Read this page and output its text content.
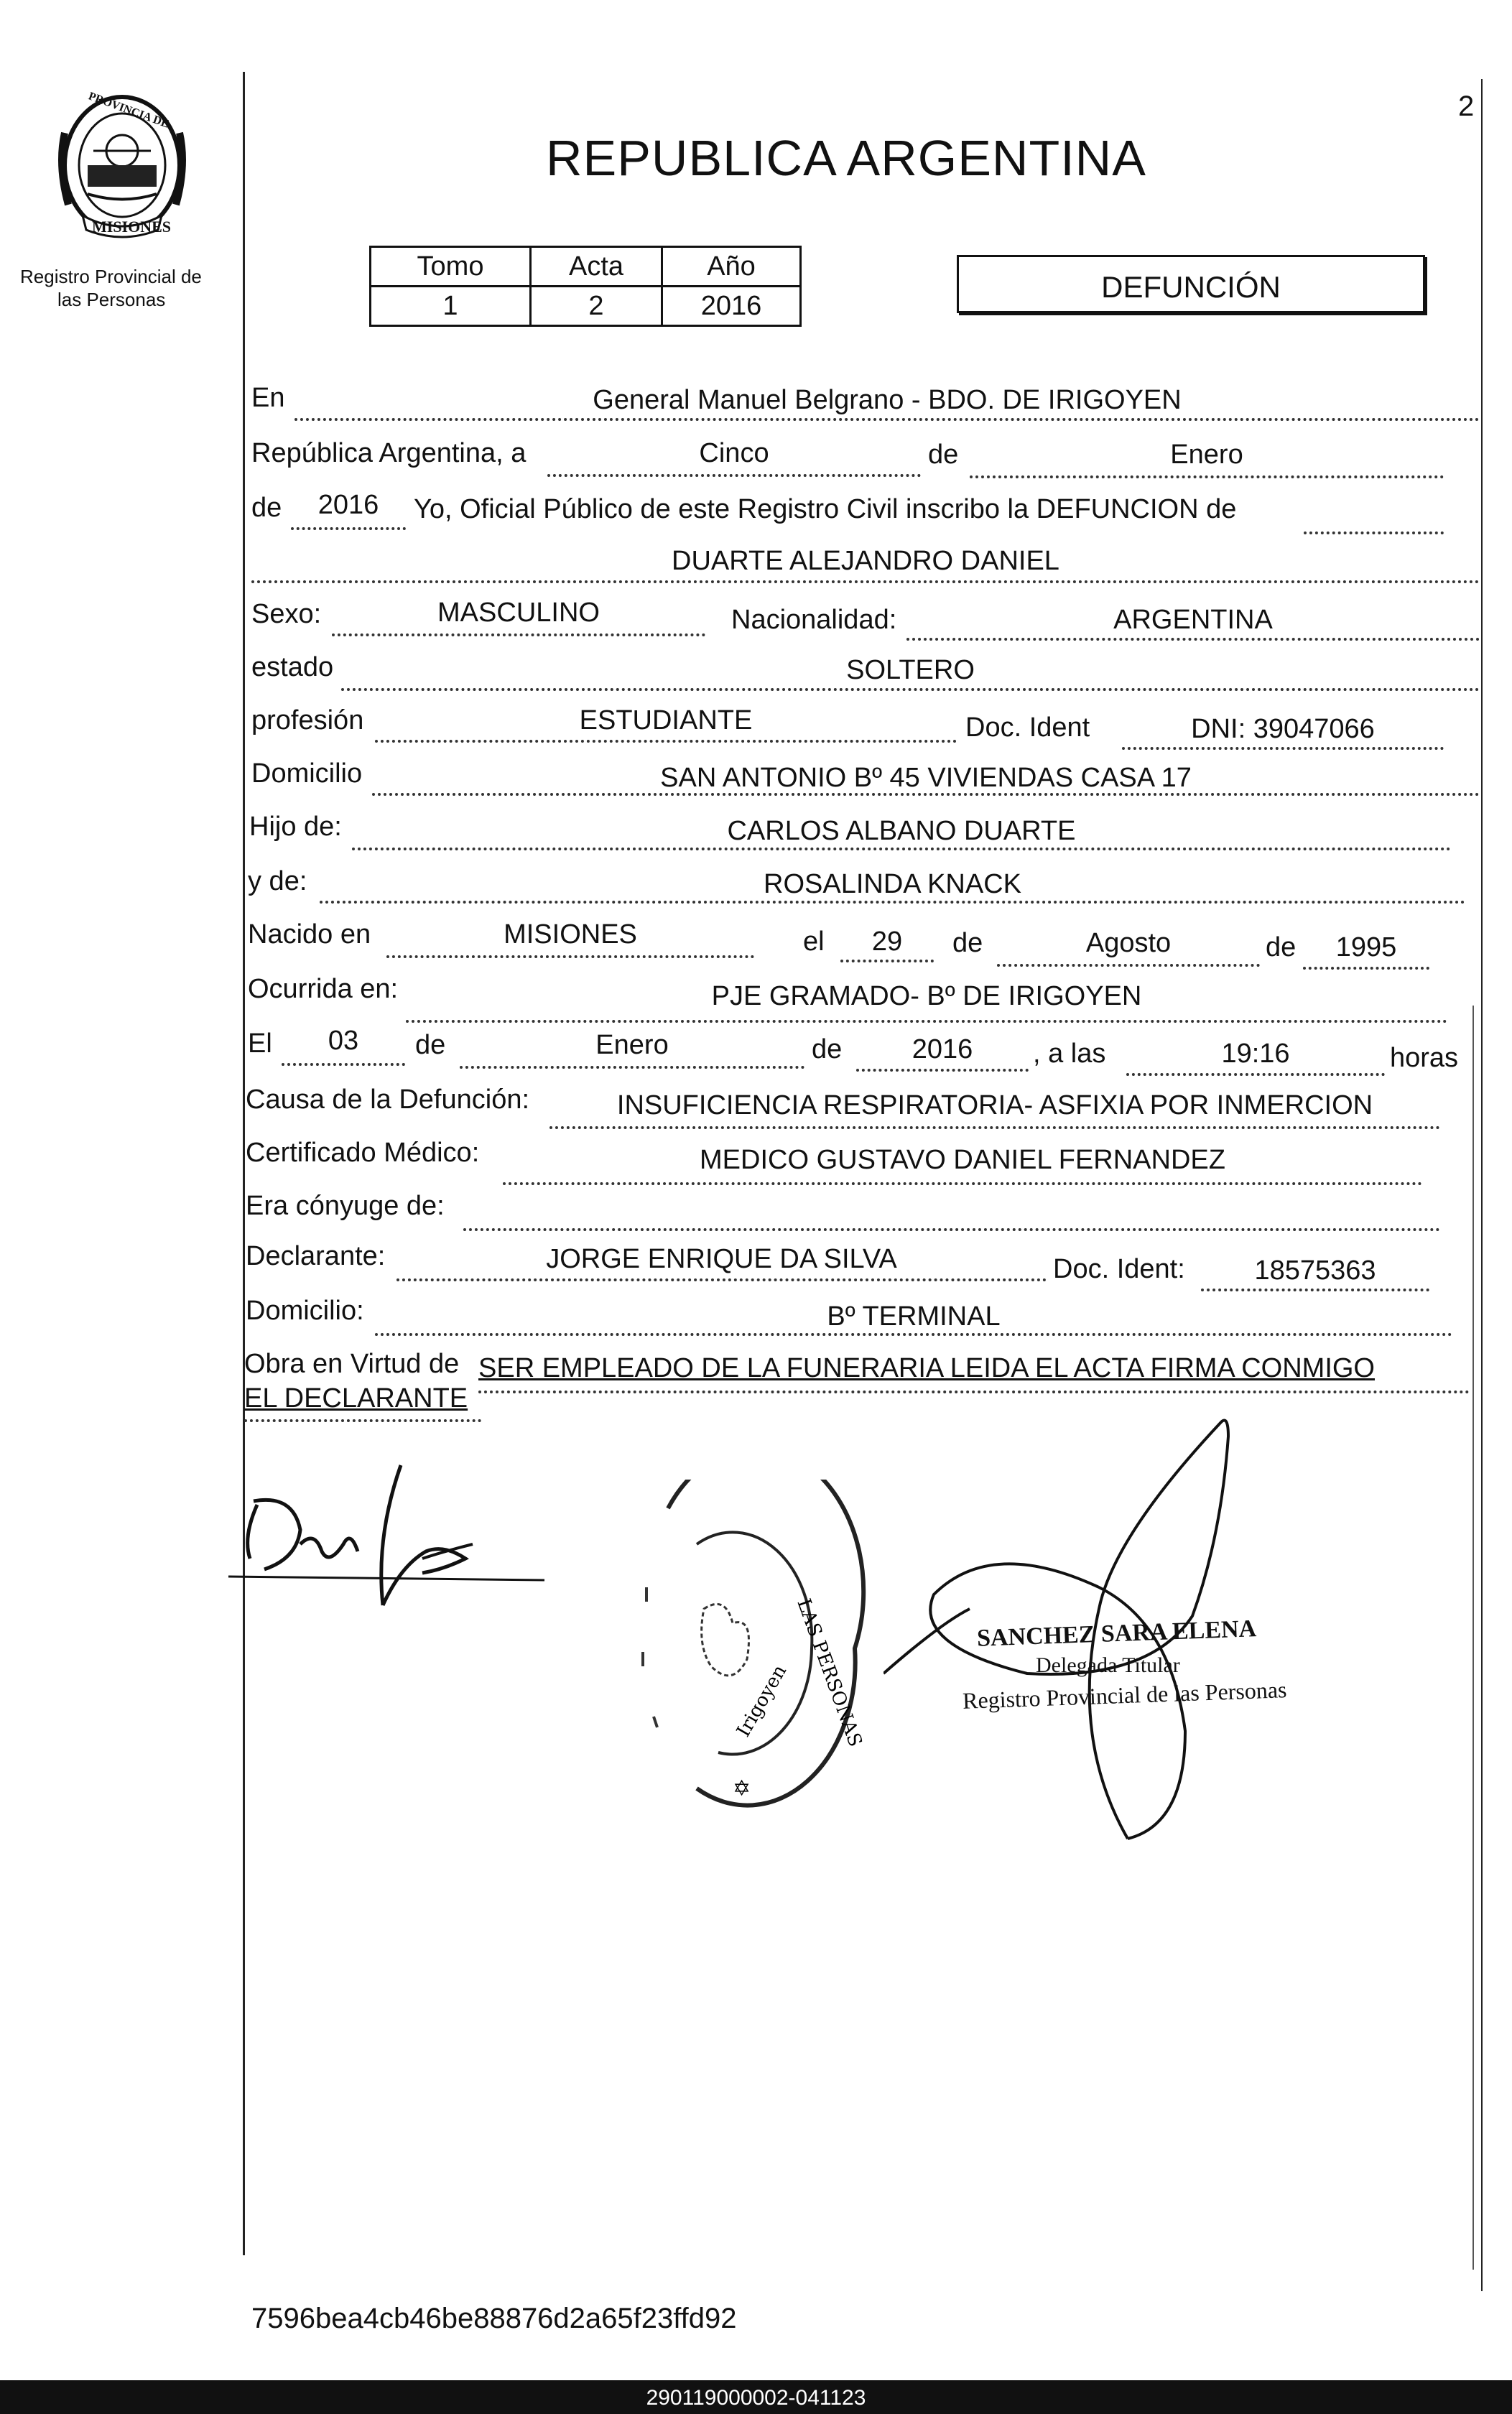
2
PROVINCIA DE
MISIONES
Registro Provincial de
las Personas
REPUBLICA ARGENTINA
Tomo	Acta	Año
1	2	2016
DEFUNCIÓN
En	General Manuel Belgrano - BDO. DE IRIGOYEN
República Argentina, a	Cinco	de	Enero
de	2016	Yo, Oficial Público de este Registro Civil inscribo la DEFUNCION de
DUARTE ALEJANDRO DANIEL
Sexo:	MASCULINO	Nacionalidad:	ARGENTINA
estado	SOLTERO
profesión	ESTUDIANTE	Doc. Ident	DNI: 39047066
Domicilio	SAN ANTONIO Bº 45 VIVIENDAS CASA 17
Hijo de:	CARLOS ALBANO DUARTE
y de:	ROSALINDA KNACK
Nacido en	MISIONES	el	29	de	Agosto	de	1995
Ocurrida en:	PJE GRAMADO- Bº DE IRIGOYEN
El	03	de	Enero	de	2016	, a las	19:16	horas
Causa de la Defunción:	INSUFICIENCIA RESPIRATORIA- ASFIXIA POR INMERCION
Certificado Médico:	MEDICO GUSTAVO DANIEL FERNANDEZ
Era cónyuge de:
Declarante:	JORGE ENRIQUE DA SILVA	Doc. Ident:	18575363
Domicilio:	Bº TERMINAL
Obra en Virtud de SER EMPLEADO DE LA FUNERARIA LEIDA EL ACTA FIRMA CONMIGO
EL DECLARANTE
✡
LAS PERSONAS
Irigoyen
SANCHEZ SARA ELENA
Delegada Titular
Registro Provincial de las Personas
7596bea4cb46be88876d2a65f23ffd92
290119000002-041123
